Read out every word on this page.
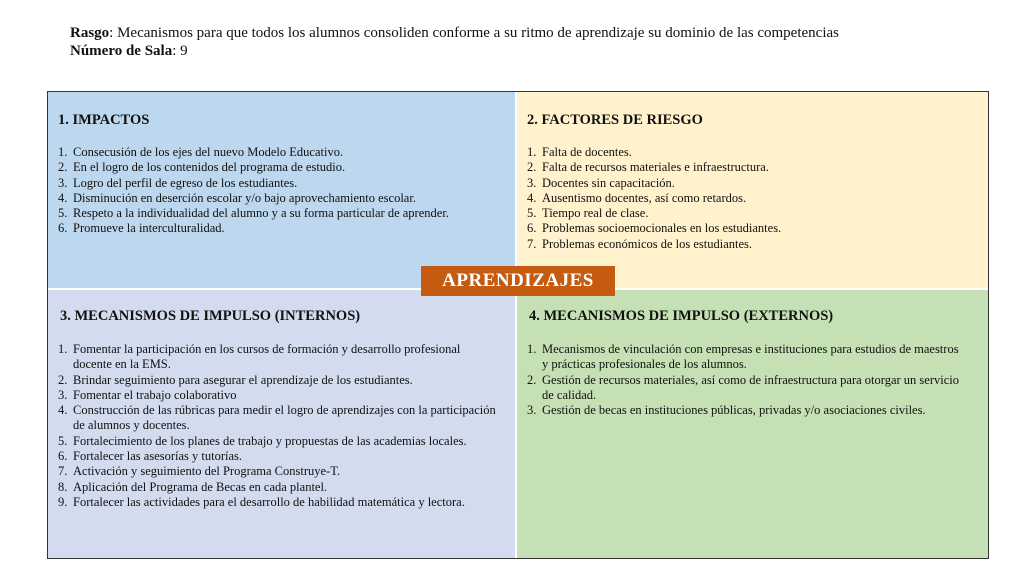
Rasgo: Mecanismos para que todos los alumnos consoliden conforme a su ritmo de aprendizaje su dominio de las competencias
Número de Sala: 9
1. IMPACTOS
1. Consecusión de los ejes del nuevo Modelo Educativo.
2. En el logro de los contenidos del programa de estudio.
3. Logro del perfil de egreso de los estudiantes.
4. Disminución en deserción escolar y/o bajo aprovechamiento escolar.
5. Respeto a la individualidad del alumno y a su forma particular de aprender.
6. Promueve la interculturalidad.
2. FACTORES DE RIESGO
1. Falta de docentes.
2. Falta de recursos materiales e infraestructura.
3. Docentes sin capacitación.
4. Ausentismo docentes, así como retardos.
5. Tiempo real de clase.
6. Problemas socioemocionales en los estudiantes.
7. Problemas económicos de los estudiantes.
3. MECANISMOS DE IMPULSO (INTERNOS)
1. Fomentar la participación en los cursos de formación y desarrollo profesional docente en la EMS.
2. Brindar seguimiento para asegurar el aprendizaje de los estudiantes.
3. Fomentar el trabajo colaborativo
4. Construcción de las rúbricas para medir el logro de aprendizajes con la participación de alumnos y docentes.
5. Fortalecimiento de los planes de trabajo y propuestas de las academias locales.
6. Fortalecer las asesorías y tutorías.
7. Activación y seguimiento del Programa Construye-T.
8. Aplicación del Programa de Becas en cada plantel.
9. Fortalecer las actividades para el desarrollo de habilidad matemática y lectora.
4. MECANISMOS DE IMPULSO (EXTERNOS)
1. Mecanismos de vinculación con empresas e instituciones para estudios de maestros y prácticas profesionales de los alumnos.
2. Gestión de recursos materiales, así como de infraestructura para otorgar un servicio de calidad.
3. Gestión de becas en instituciones públicas, privadas y/o asociaciones civiles.
APRENDIZAJES
